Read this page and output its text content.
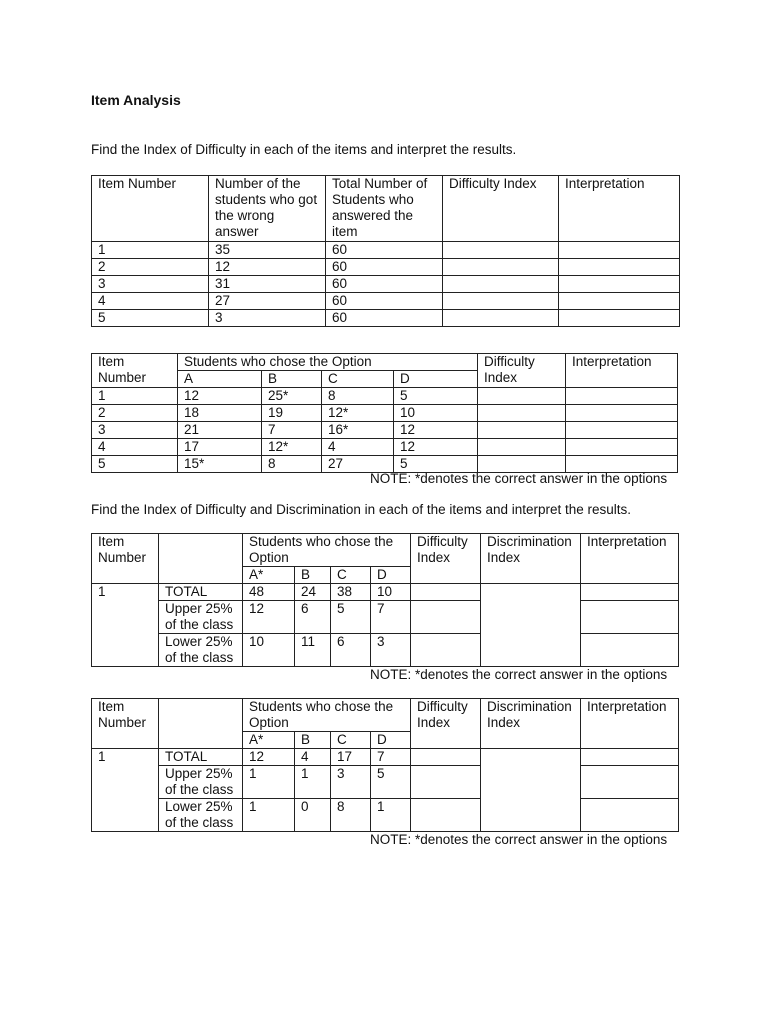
Item Analysis

Find the Index of Difficulty in each of the items and interpret the results.

Item Number	Number of the students who got the wrong answer	Total Number of Students who answered the item	Difficulty Index	Interpretation
1	35	60		
2	12	60		
3	31	60		
4	27	60		
5	3	60		
Item Number	Students who chose the Option				Difficulty Index	Interpretation
	A	B	C	D		
1	12	25*	8	5		
2	18	19	12*	10		
3	21	7	16*	12		
4	17	12*	4	12		
5	15*	8	27	5		
NOTE: *denotes the correct answer in the options

Find the Index of Difficulty and Discrimination in each of the items and interpret the results.

Item Number		Students who chose the Option				Difficulty Index	Discrimination Index	Interpretation
		A*	B	C	D			
1	TOTAL	48	24	38	10			
	Upper 25% of the class	12	6	5	7			
	Lower 25% of the class	10	11	6	3			
NOTE: *denotes the correct answer in the options
Item Number		Students who chose the Option				Difficulty Index	Discrimination Index	Interpretation
		A*	B	C	D			
1	TOTAL	12	4	17	7			
	Upper 25% of the class	1	1	3	5			
	Lower 25% of the class	1	0	8	1			
NOTE: *denotes the correct answer in the options
